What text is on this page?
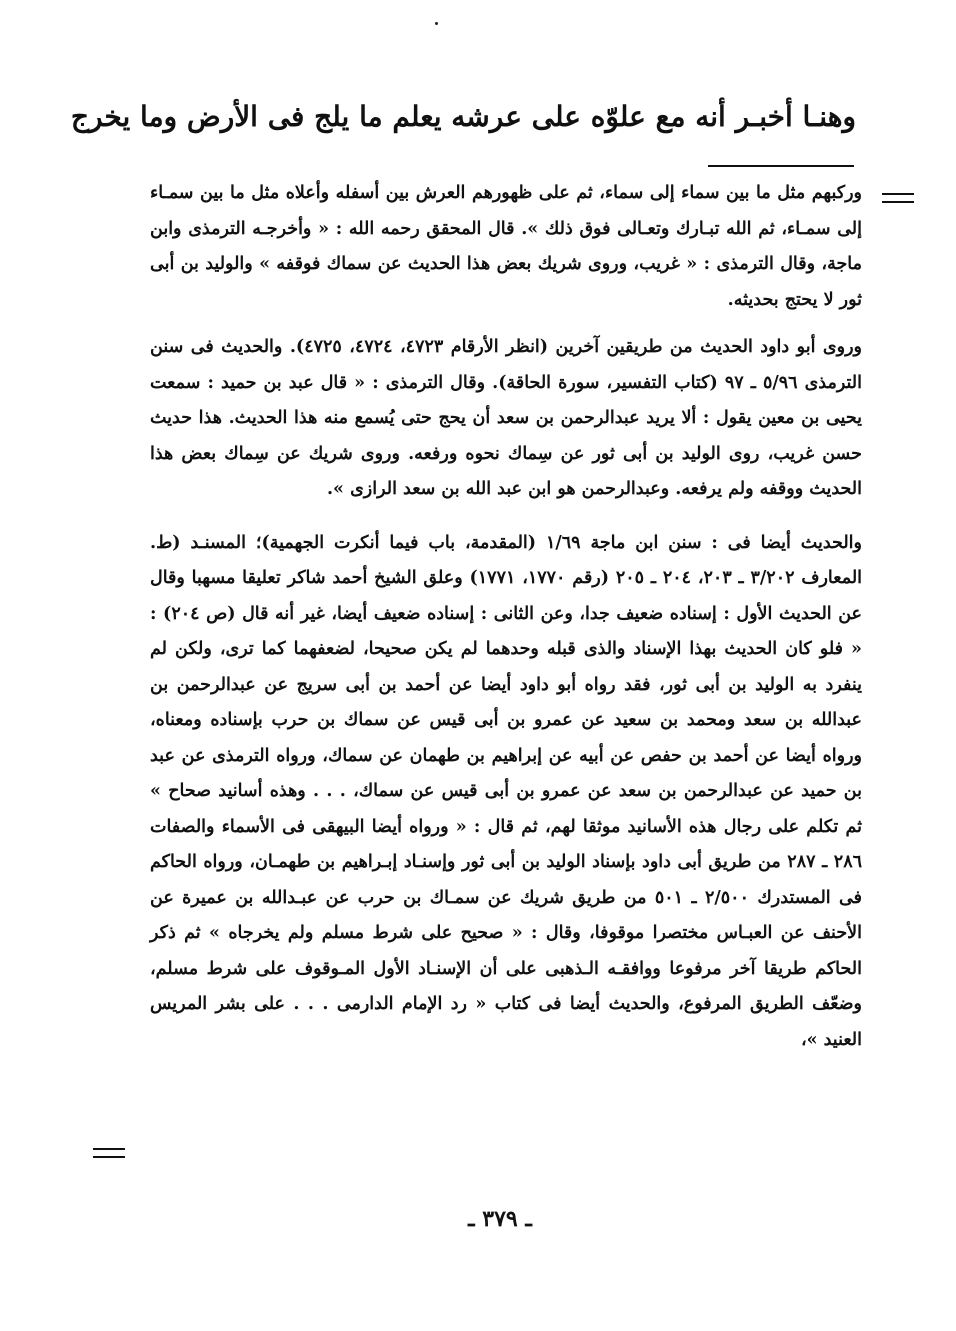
وهنـا أخبـر أنه مع علوّه على عرشه يعلم ما يلج فى الأرض وما يخرج

وركبهم مثل ما بين سماء إلى سماء، ثم على ظهورهم العرش بين أسفله وأعلاه مثل ما بين سمـاء إلى سمـاء، ثم الله تبـارك وتعـالى فوق ذلك ». قال المحقق رحمه الله : « وأخرجـه الترمذى وابن ماجة، وقال الترمذى : « غريب، وروى شريك بعض هذا الحديث عن سماك فوقفه » والوليد بن أبى ثور لا يحتج بحديثه.

وروى أبو داود الحديث من طريقين آخرين (انظر الأرقام ٤٧٢٣، ٤٧٢٤، ٤٧٢٥). والحديث فى سنن الترمذى ٥/٩٦ ـ ٩٧ (كتاب التفسير، سورة الحاقة). وقال الترمذى : « قال عبد بن حميد : سمعت يحيى بن معين يقول : ألا يريد عبدالرحمن بن سعد أن يحج حتى يُسمع منه هذا الحديث. هذا حديث حسن غريب، روى الوليد بن أبى ثور عن سِماك نحوه ورفعه. وروى شريك عن سِماك بعض هذا الحديث ووقفه ولم يرفعه. وعبدالرحمن هو ابن عبد الله بن سعد الرازى ».

والحديث أيضا فى : سنن ابن ماجة ١/٦٩ (المقدمة، باب فيما أنكرت الجهمية)؛ المسنـد (ط. المعارف ٣/٢٠٢ ـ ٢٠٣، ٢٠٤ ـ ٢٠٥ (رقم ١٧٧٠، ١٧٧١) وعلق الشيخ أحمد شاكر تعليقا مسهبا وقال عن الحديث الأول : إسناده ضعيف جدا، وعن الثانى : إسناده ضعيف أيضا، غير أنه قال (ص ٢٠٤) : « فلو كان الحديث بهذا الإسناد والذى قبله وحدهما لم يكن صحيحا، لضعفهما كما ترى، ولكن لم ينفرد به الوليد بن أبى ثور، فقد رواه أبو داود أيضا عن أحمد بن أبى سريج عن عبدالرحمن بن عبدالله بن سعد ومحمد بن سعيد عن عمرو بن أبى قيس عن سماك بن حرب بإسناده ومعناه، ورواه أيضا عن أحمد بن حفص عن أبيه عن إبراهيم بن طهمان عن سماك، ورواه الترمذى عن عبد بن حميد عن عبدالرحمن بن سعد عن عمرو بن أبى قيس عن سماك، . . . وهذه أسانيد صحاح » ثم تكلم على رجال هذه الأسانيد موثقا لهم، ثم قال : « ورواه أيضا البيهقى فى الأسماء والصفات ٢٨٦ ـ ٢٨٧ من طريق أبى داود بإسناد الوليد بن أبى ثور وإسنـاد إبـراهيم بن طهمـان، ورواه الحاكم فى المستدرك ٢/٥٠٠ ـ ٥٠١ من طريق شريك عن سمـاك بن حرب عن عبـدالله بن عميرة عن الأحنف عن العبـاس مختصرا موقوفا، وقال : « صحيح على شرط مسلم ولم يخرجاه » ثم ذكر الحاكم طريقا آخر مرفوعا ووافقـه الـذهبى على أن الإسنـاد الأول المـوقوف على شرط مسلم، وضعّف الطريق المرفوع، والحديث أيضا فى كتاب « رد الإمام الدارمى . . . على بشر المريس العنيد »،

ـ ٣٧٩ ـ
